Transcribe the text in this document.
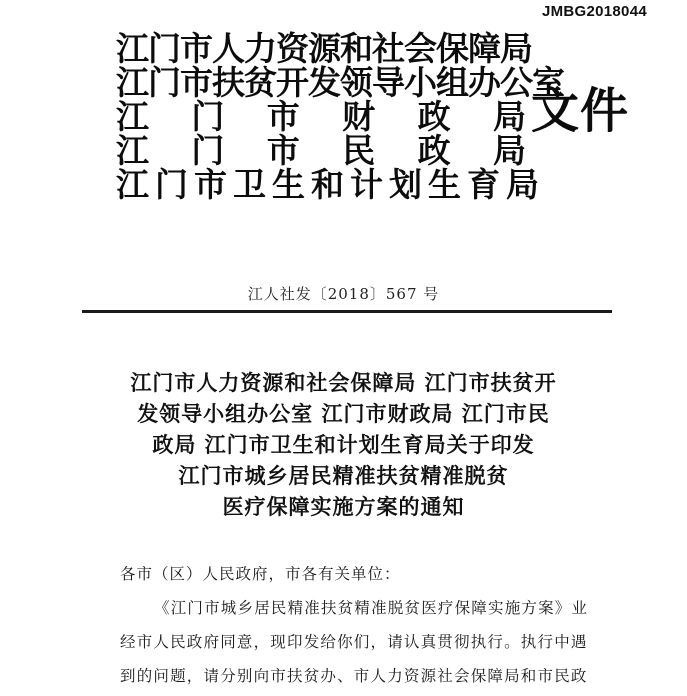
JMBG2018044
江门市人力资源和社会保障局
江门市扶贫开发领导小组办公室
江 门 市 财 政 局
江 门 市 民 政 局
江门市卫生和计划生育局
文件
江人社发〔2018〕567 号
江门市人力资源和社会保障局 江门市扶贫开
发领导小组办公室 江门市财政局 江门市民
政局 江门市卫生和计划生育局关于印发
江门市城乡居民精准扶贫精准脱贫
医疗保障实施方案的通知
各市（区）人民政府，市各有关单位：
《江门市城乡居民精准扶贫精准脱贫医疗保障实施方案》业
经市人民政府同意，现印发给你们，请认真贯彻执行。执行中遇
到的问题，请分别向市扶贫办、市人力资源社会保障局和市民政
